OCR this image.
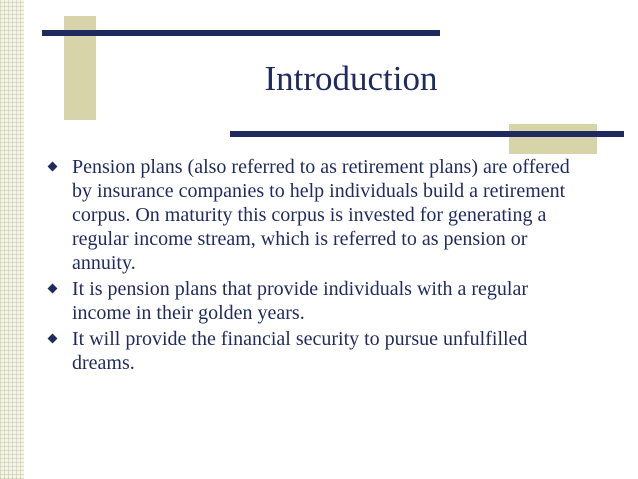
Introduction
Pension plans (also referred to as retirement plans) are offered by insurance companies to help individuals build a retirement corpus. On maturity this corpus is invested for generating a regular income stream, which is referred to as pension or annuity.
It is pension plans that provide individuals with a regular income in their golden years.
It will provide the financial security to pursue unfulfilled dreams.
